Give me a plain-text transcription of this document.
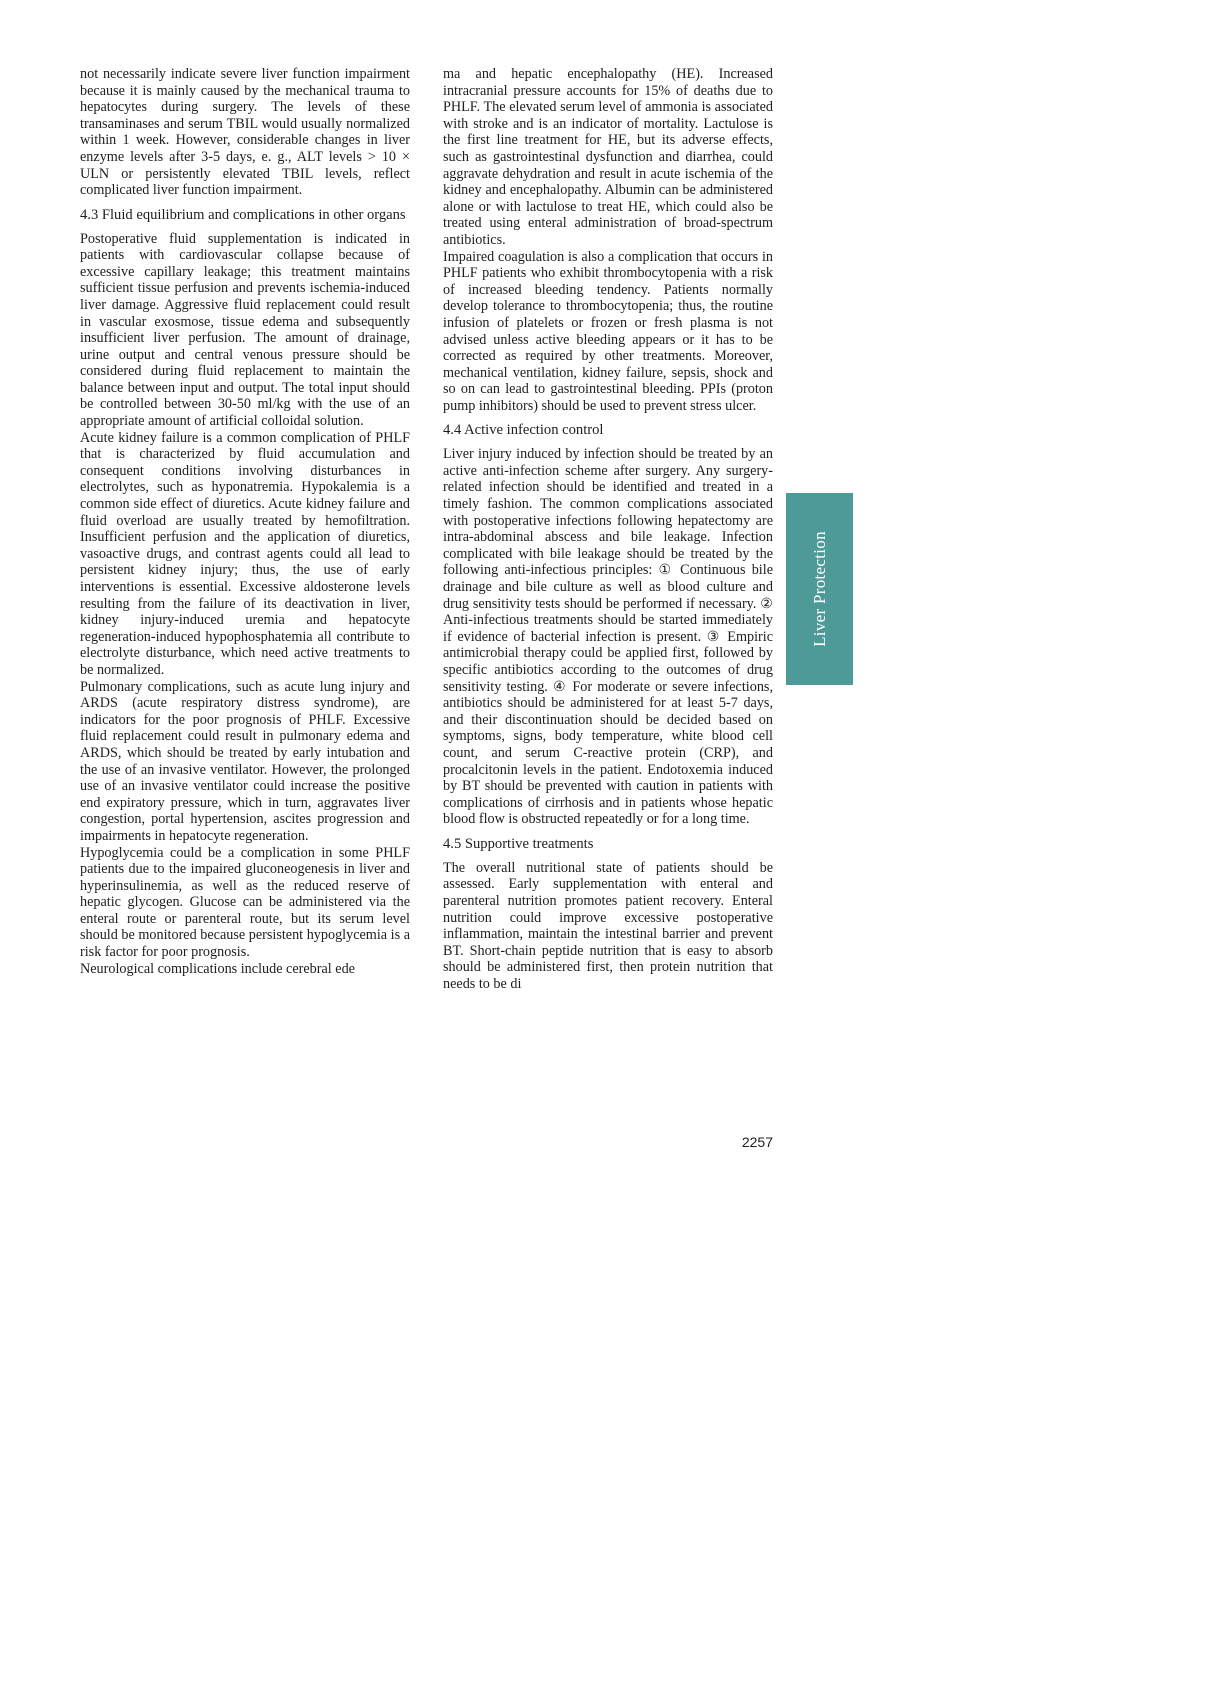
not necessarily indicate severe liver function impairment because it is mainly caused by the mechanical trauma to hepatocytes during surgery. The levels of these transaminases and serum TBIL would usually normalized within 1 week. However, considerable changes in liver enzyme levels after 3-5 days, e. g., ALT levels > 10 × ULN or persistently elevated TBIL levels, reflect complicated liver function impairment.

4.3 Fluid equilibrium and complications in other organs

Postoperative fluid supplementation is indicated in patients with cardiovascular collapse because of excessive capillary leakage; this treatment maintains sufficient tissue perfusion and prevents ischemia-induced liver damage. Aggressive fluid replacement could result in vascular exosmose, tissue edema and subsequently insufficient liver perfusion. The amount of drainage, urine output and central venous pressure should be considered during fluid replacement to maintain the balance between input and output. The total input should be controlled between 30-50 ml/kg with the use of an appropriate amount of artificial colloidal solution.

Acute kidney failure is a common complication of PHLF that is characterized by fluid accumulation and consequent conditions involving disturbances in electrolytes, such as hyponatremia. Hypokalemia is a common side effect of diuretics. Acute kidney failure and fluid overload are usually treated by hemofiltration. Insufficient perfusion and the application of diuretics, vasoactive drugs, and contrast agents could all lead to persistent kidney injury; thus, the use of early interventions is essential. Excessive aldosterone levels resulting from the failure of its deactivation in liver, kidney injury-induced uremia and hepatocyte regeneration-induced hypophosphatemia all contribute to electrolyte disturbance, which need active treatments to be normalized.

Pulmonary complications, such as acute lung injury and ARDS (acute respiratory distress syndrome), are indicators for the poor prognosis of PHLF. Excessive fluid replacement could result in pulmonary edema and ARDS, which should be treated by early intubation and the use of an invasive ventilator. However, the prolonged use of an invasive ventilator could increase the positive end expiratory pressure, which in turn, aggravates liver congestion, portal hypertension, ascites progression and impairments in hepatocyte regeneration.

Hypoglycemia could be a complication in some PHLF patients due to the impaired gluconeogenesis in liver and hyperinsulinemia, as well as the reduced reserve of hepatic glycogen. Glucose can be administered via the enteral route or parenteral route, but its serum level should be monitored because persistent hypoglycemia is a risk factor for poor prognosis.

Neurological complications include cerebral ede

ma and hepatic encephalopathy (HE). Increased intracranial pressure accounts for 15% of deaths due to PHLF. The elevated serum level of ammonia is associated with stroke and is an indicator of mortality. Lactulose is the first line treatment for HE, but its adverse effects, such as gastrointestinal dysfunction and diarrhea, could aggravate dehydration and result in acute ischemia of the kidney and encephalopathy. Albumin can be administered alone or with lactulose to treat HE, which could also be treated using enteral administration of broad-spectrum antibiotics.

Impaired coagulation is also a complication that occurs in PHLF patients who exhibit thrombocytopenia with a risk of increased bleeding tendency. Patients normally develop tolerance to thrombocytopenia; thus, the routine infusion of platelets or frozen or fresh plasma is not advised unless active bleeding appears or it has to be corrected as required by other treatments. Moreover, mechanical ventilation, kidney failure, sepsis, shock and so on can lead to gastrointestinal bleeding. PPIs (proton pump inhibitors) should be used to prevent stress ulcer.

4.4 Active infection control

Liver injury induced by infection should be treated by an active anti-infection scheme after surgery. Any surgery-related infection should be identified and treated in a timely fashion. The common complications associated with postoperative infections following hepatectomy are intra-abdominal abscess and bile leakage. Infection complicated with bile leakage should be treated by the following anti-infectious principles: ① Continuous bile drainage and bile culture as well as blood culture and drug sensitivity tests should be performed if necessary. ② Anti-infectious treatments should be started immediately if evidence of bacterial infection is present. ③ Empiric antimicrobial therapy could be applied first, followed by specific antibiotics according to the outcomes of drug sensitivity testing. ④ For moderate or severe infections, antibiotics should be administered for at least 5-7 days, and their discontinuation should be decided based on symptoms, signs, body temperature, white blood cell count, and serum C-reactive protein (CRP), and procalcitonin levels in the patient. Endotoxemia induced by BT should be prevented with caution in patients with complications of cirrhosis and in patients whose hepatic blood flow is obstructed repeatedly or for a long time.

4.5 Supportive treatments

The overall nutritional state of patients should be assessed. Early supplementation with enteral and parenteral nutrition promotes patient recovery. Enteral nutrition could improve excessive postoperative inflammation, maintain the intestinal barrier and prevent BT. Short-chain peptide nutrition that is easy to absorb should be administered first, then protein nutrition that needs to be di

Liver Protection
2257
